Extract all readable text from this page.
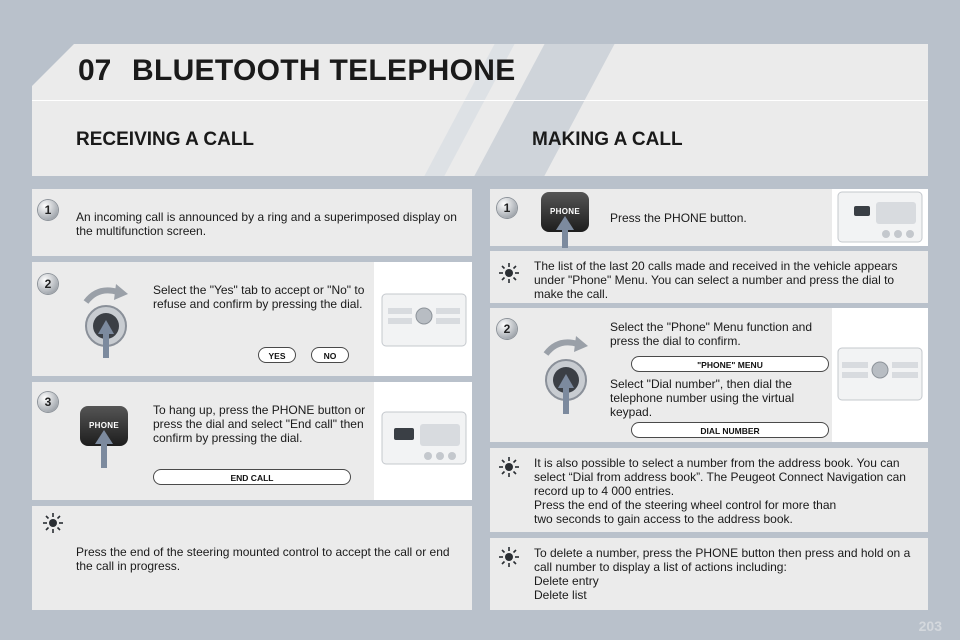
07 BLUETOOTH TELEPHONE
RECEIVING A CALL	MAKING A CALL
1	An incoming call is announced by a ring and a superimposed display on the multifunction screen.
2	Select the "Yes" tab to accept or "No" to refuse and confirm by pressing the dial.
YES	NO
3
PHONE
To hang up, press the PHONE button or press the dial and select "End call" then confirm by pressing the dial.
END CALL
Press the end of the steering mounted control to accept the call or end the call in progress.
1	PHONE	Press the PHONE button.
The list of the last 20 calls made and received in the vehicle appears under "Phone" Menu. You can select a number and press the dial to make the call.
2	Select the "Phone" Menu function and press the dial to confirm.
"PHONE" MENU
Select "Dial number", then dial the telephone number using the virtual keypad.
DIAL NUMBER
It is also possible to select a number from the address book. You can select “Dial from address book”. The Peugeot Connect Navigation can record up to 4 000 entries.
Press the end of the steering wheel control for more than two seconds to gain access to the address book.
To delete a number, press the PHONE button then press and hold on a call number to display a list of actions including:
Delete entry
Delete list
203
